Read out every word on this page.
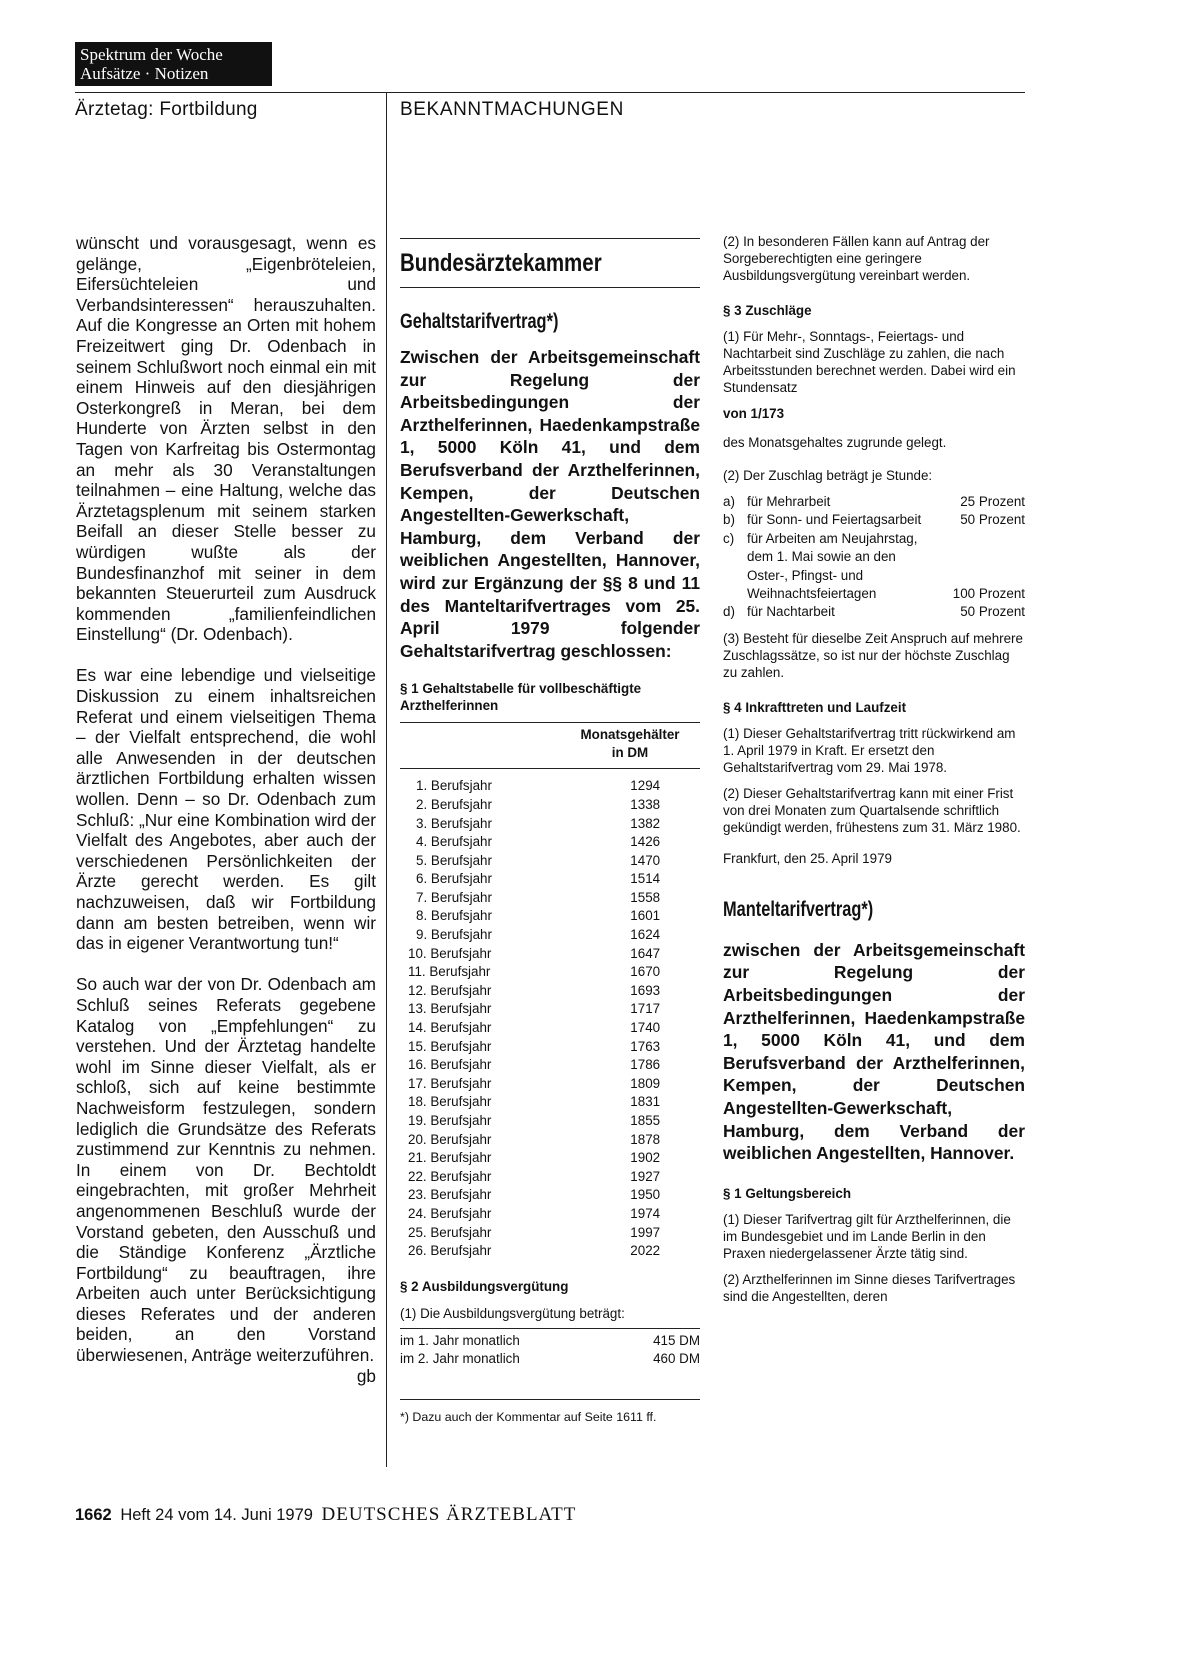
Spektrum der Woche
Aufsätze · Notizen
Ärztetag: Fortbildung	BEKANNTMACHUNGEN

wünscht und vorausgesagt, wenn es gelänge, „Eigenbröteleien, Eifersüchteleien und Verbandsinteressen“ herauszuhalten. Auf die Kongresse an Orten mit hohem Freizeitwert ging Dr. Odenbach in seinem Schlußwort noch einmal ein mit einem Hinweis auf den diesjährigen Osterkongreß in Meran, bei dem Hunderte von Ärzten selbst in den Tagen von Karfreitag bis Ostermontag an mehr als 30 Veranstaltungen teilnahmen – eine Haltung, welche das Ärztetagsplenum mit seinem starken Beifall an dieser Stelle besser zu würdigen wußte als der Bundesfinanzhof mit seiner in dem bekannten Steuerurteil zum Ausdruck kommenden „familienfeindlichen Einstellung“ (Dr. Odenbach).

Es war eine lebendige und vielseitige Diskussion zu einem inhaltsreichen Referat und einem vielseitigen Thema – der Vielfalt entsprechend, die wohl alle Anwesenden in der deutschen ärztlichen Fortbildung erhalten wissen wollen. Denn – so Dr. Odenbach zum Schluß: „Nur eine Kombination wird der Vielfalt des Angebotes, aber auch der verschiedenen Persönlichkeiten der Ärzte gerecht werden. Es gilt nachzuweisen, daß wir Fortbildung dann am besten betreiben, wenn wir das in eigener Verantwortung tun!“

So auch war der von Dr. Odenbach am Schluß seines Referats gegebene Katalog von „Empfehlungen“ zu verstehen. Und der Ärztetag handelte wohl im Sinne dieser Vielfalt, als er schloß, sich auf keine bestimmte Nachweisform festzulegen, sondern lediglich die Grundsätze des Referats zustimmend zur Kenntnis zu nehmen. In einem von Dr. Bechtoldt eingebrachten, mit großer Mehrheit angenommenen Beschluß wurde der Vorstand gebeten, den Ausschuß und die Ständige Konferenz „Ärztliche Fortbildung“ zu beauftragen, ihre Arbeiten auch unter Berücksichtigung dieses Referates und der anderen beiden, an den Vorstand überwiesenen, Anträge weiterzuführen.
gb

Bundesärztekammer
Gehaltstarifvertrag*)
Zwischen der Arbeitsgemeinschaft zur Regelung der Arbeitsbedingungen der Arzthelferinnen, Haedenkampstraße 1, 5000 Köln 41, und dem Berufsverband der Arzthelferinnen, Kempen, der Deutschen Angestellten-Gewerkschaft, Hamburg, dem Verband der weiblichen Angestellten, Hannover, wird zur Ergänzung der §§ 8 und 11 des Manteltarifvertrages vom 25. April 1979 folgender Gehaltstarifvertrag geschlossen:
§ 1 Gehaltstabelle für vollbeschäftigte Arzthelferinnen
Monatsgehälter in DM
1. Berufsjahr	1294	
2. Berufsjahr	1338	
3. Berufsjahr	1382	
4. Berufsjahr	1426	
5. Berufsjahr	1470	
6. Berufsjahr	1514	
7. Berufsjahr	1558	
8. Berufsjahr	1601	
9. Berufsjahr	1624	
10. Berufsjahr	1647	
11. Berufsjahr	1670	
12. Berufsjahr	1693	
13. Berufsjahr	1717	
14. Berufsjahr	1740	
15. Berufsjahr	1763	
16. Berufsjahr	1786	
17. Berufsjahr	1809	
18. Berufsjahr	1831	
19. Berufsjahr	1855	
20. Berufsjahr	1878	
21. Berufsjahr	1902	
22. Berufsjahr	1927	
23. Berufsjahr	1950	
24. Berufsjahr	1974	
25. Berufsjahr	1997	
26. Berufsjahr	2022	
§ 2 Ausbildungsvergütung
(1) Die Ausbildungsvergütung beträgt:
im 1. Jahr monatlich	415 DM
im 2. Jahr monatlich	460 DM
*) Dazu auch der Kommentar auf Seite 1611 ff.

(2) In besonderen Fällen kann auf Antrag der Sorgeberechtigten eine geringere Ausbildungsvergütung vereinbart werden.

§ 3 Zuschläge

(1) Für Mehr-, Sonntags-, Feiertags- und Nachtarbeit sind Zuschläge zu zahlen, die nach Arbeitsstunden berechnet werden. Dabei wird ein Stundensatz

von 1/173

des Monatsgehaltes zugrunde gelegt.

(2) Der Zuschlag beträgt je Stunde:

a)	für Mehrarbeit	25 Prozent
b)	für Sonn- und Feiertagsarbeit	50 Prozent
c)	für Arbeiten am Neujahrstag, dem 1. Mai sowie an den Oster-, Pfingst- und Weihnachtsfeiertagen	100 Prozent
d)	für Nachtarbeit	50 Prozent

(3) Besteht für dieselbe Zeit Anspruch auf mehrere Zuschlagssätze, so ist nur der höchste Zuschlag zu zahlen.

§ 4 Inkrafttreten und Laufzeit

(1) Dieser Gehaltstarifvertrag tritt rückwirkend am 1. April 1979 in Kraft. Er ersetzt den Gehaltstarifvertrag vom 29. Mai 1978.

(2) Dieser Gehaltstarifvertrag kann mit einer Frist von drei Monaten zum Quartalsende schriftlich gekündigt werden, frühestens zum 31. März 1980.

Frankfurt, den 25. April 1979

Manteltarifvertrag*)
zwischen der Arbeitsgemeinschaft zur Regelung der Arbeitsbedingungen der Arzthelferinnen, Haedenkampstraße 1, 5000 Köln 41, und dem Berufsverband der Arzthelferinnen, Kempen, der Deutschen Angestellten-Gewerkschaft, Hamburg, dem Verband der weiblichen Angestellten, Hannover.

§ 1 Geltungsbereich

(1) Dieser Tarifvertrag gilt für Arzthelferinnen, die im Bundesgebiet und im Lande Berlin in den Praxen niedergelassener Ärzte tätig sind.

(2) Arzthelferinnen im Sinne dieses Tarifvertrages sind die Angestellten, deren

1662 Heft 24 vom 14. Juni 1979 DEUTSCHES ÄRZTEBLATT
